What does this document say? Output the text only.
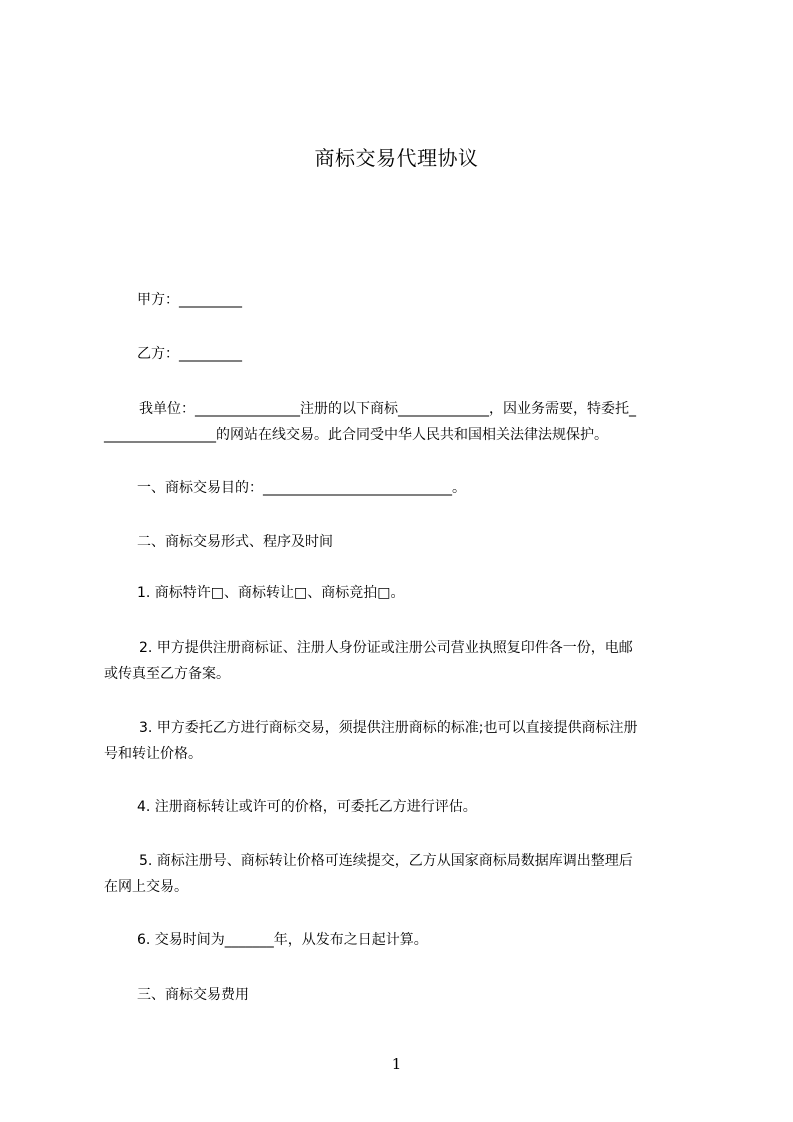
商标交易代理协议
甲方：_________
乙方：_________
我单位：_______________注册的以下商标_____________，因业务需要，特委托_
________________的网站在线交易。此合同受中华人民共和国相关法律法规保护。
一、商标交易目的：___________________________。
二、商标交易形式、程序及时间
1. 商标特许□、商标转让□、商标竞拍□。
2. 甲方提供注册商标证、注册人身份证或注册公司营业执照复印件各一份，电邮
或传真至乙方备案。
3. 甲方委托乙方进行商标交易，须提供注册商标的标准;也可以直接提供商标注册
号和转让价格。
4. 注册商标转让或许可的价格，可委托乙方进行评估。
5. 商标注册号、商标转让价格可连续提交，乙方从国家商标局数据库调出整理后
在网上交易。
6. 交易时间为_______年，从发布之日起计算。
三、商标交易费用
1
